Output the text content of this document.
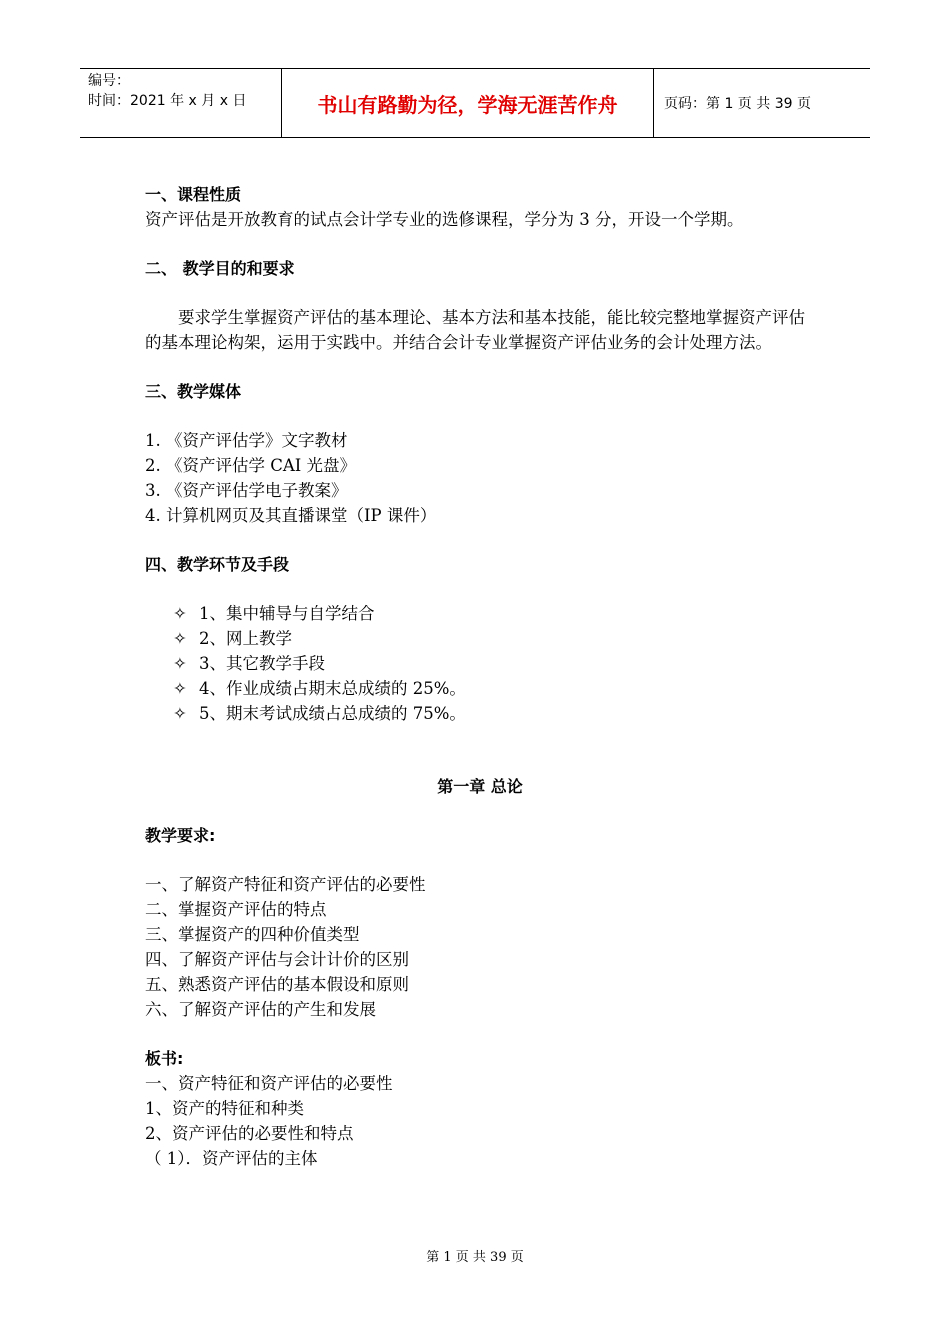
编号：
时间：2021 年 x 月 x 日	书山有路勤为径，学海无涯苦作舟	页码：第 1 页 共 39 页
一、课程性质
资产评估是开放教育的试点会计学专业的选修课程，学分为 3 分，开设一个学期。
二、 教学目的和要求
要求学生掌握资产评估的基本理论、基本方法和基本技能，能比较完整地掌握资产评估的基本理论构架，运用于实践中。并结合会计专业掌握资产评估业务的会计处理方法。
三、教学媒体
1. 《资产评估学》文字教材
2. 《资产评估学 CAI 光盘》
3. 《资产评估学电子教案》
4. 计算机网页及其直播课堂（IP 课件）
四、教学环节及手段
✧ 1、集中辅导与自学结合
✧ 2、网上教学
✧ 3、其它教学手段
✧ 4、作业成绩占期末总成绩的 25%。
✧ 5、期末考试成绩占总成绩的 75%。
第一章 总论
教学要求:
一、了解资产特征和资产评估的必要性
二、掌握资产评估的特点
三、掌握资产的四种价值类型
四、了解资产评估与会计计价的区别
五、熟悉资产评估的基本假设和原则
六、了解资产评估的产生和发展
板书:
一、资产特征和资产评估的必要性
1、资产的特征和种类
2、资产评估的必要性和特点
（ 1）．资产评估的主体
第 1 页 共 39 页
